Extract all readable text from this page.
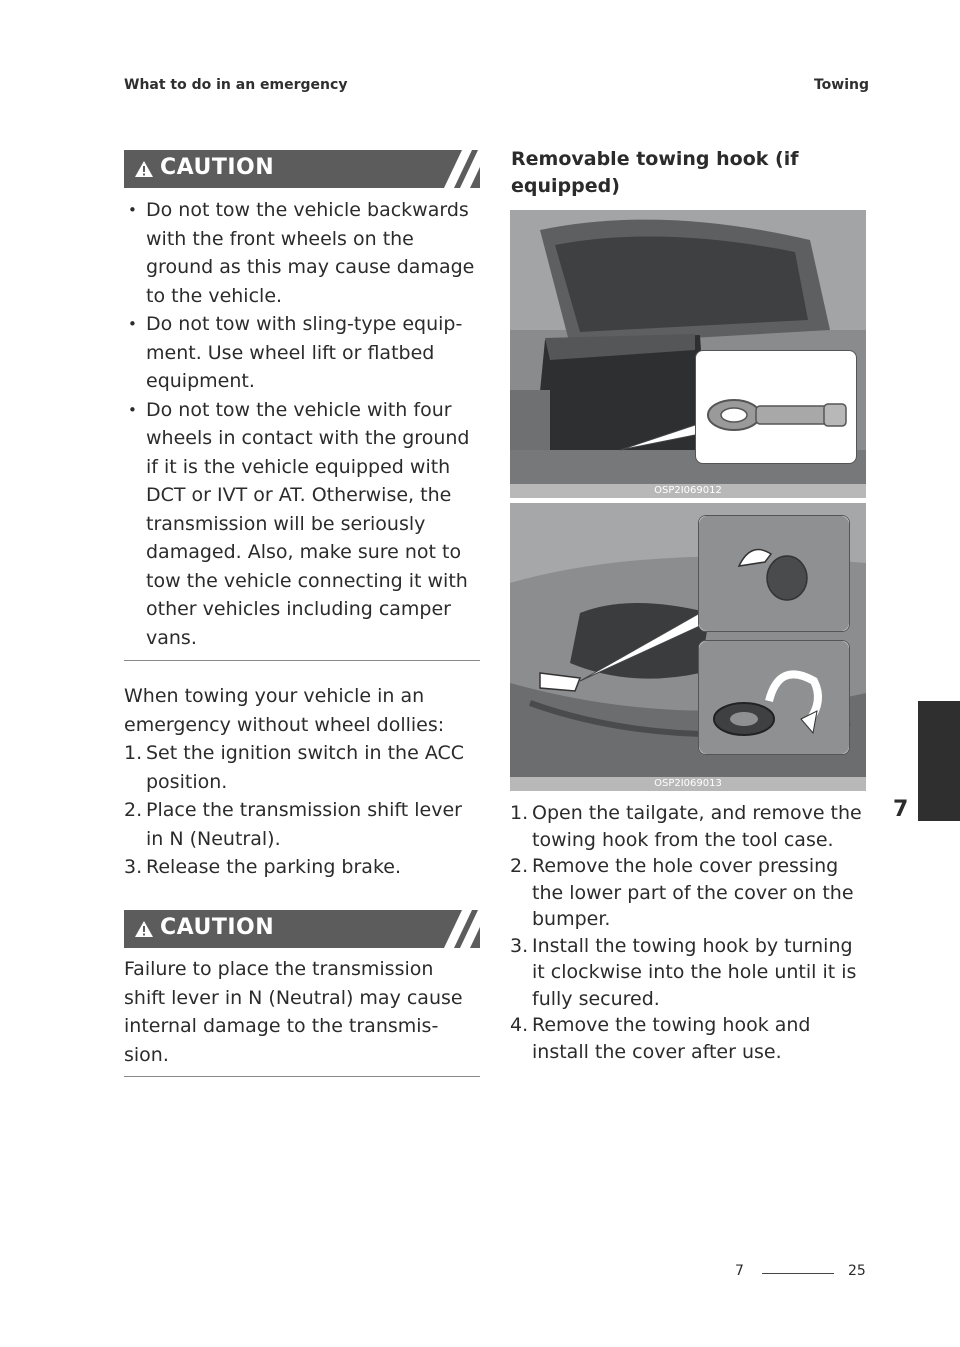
What to do in an emergency	Towing
CAUTION
• Do not tow the vehicle backwards with the front wheels on the ground as this may cause damage to the vehicle.
• Do not tow with sling-type equip- ment. Use wheel lift or flatbed equipment.
• Do not tow the vehicle with four wheels in contact with the ground if it is the vehicle equipped with DCT or IVT or AT. Otherwise, the transmission will be seriously damaged. Also, make sure not to tow the vehicle connecting it with other vehicles including camper vans.

When towing your vehicle in an emergency without wheel dollies:

1. Set the ignition switch in the ACC position.
2. Place the transmission shift lever in N (Neutral).
3. Release the parking brake.
CAUTION

Failure to place the transmission shift lever in N (Neutral) may cause internal damage to the transmis- sion.

Removable towing hook (if equipped)
OSP2I069012
OSP2I069013
1. Open the tailgate, and remove the towing hook from the tool case.
2. Remove the hole cover pressing the lower part of the cover on the bumper.
3. Install the towing hook by turning it clockwise into the hole until it is fully secured.
4. Remove the towing hook and install the cover after use.
7
7	25
